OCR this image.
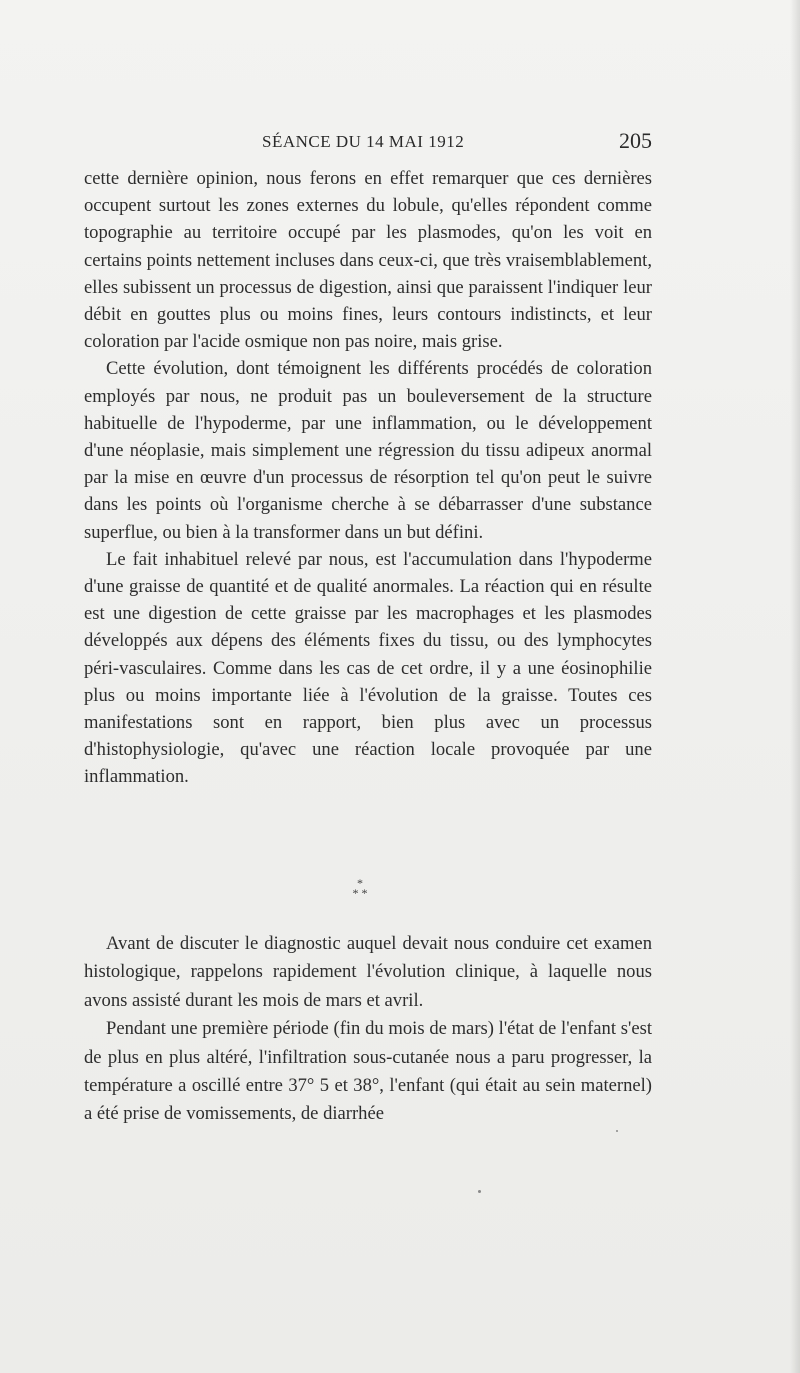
SÉANCE DU 14 MAI 1912	205

cette dernière opinion, nous ferons en effet remarquer que ces dernières occupent surtout les zones externes du lobule, qu'elles répondent comme topographie au territoire occupé par les plasmodes, qu'on les voit en certains points nettement incluses dans ceux-ci, que très vraisemblablement, elles subissent un processus de digestion, ainsi que paraissent l'indiquer leur débit en gouttes plus ou moins fines, leurs contours indistincts, et leur coloration par l'acide osmique non pas noire, mais grise.

Cette évolution, dont témoignent les différents procédés de coloration employés par nous, ne produit pas un bouleversement de la structure habituelle de l'hypoderme, par une inflammation, ou le développement d'une néoplasie, mais simplement une régression du tissu adipeux anormal par la mise en œuvre d'un processus de résorption tel qu'on peut le suivre dans les points où l'organisme cherche à se débarrasser d'une substance superflue, ou bien à la transformer dans un but défini.

Le fait inhabituel relevé par nous, est l'accumulation dans l'hypoderme d'une graisse de quantité et de qualité anormales. La réaction qui en résulte est une digestion de cette graisse par les macrophages et les plasmodes développés aux dépens des éléments fixes du tissu, ou des lymphocytes péri-vasculaires. Comme dans les cas de cet ordre, il y a une éosinophilie plus ou moins importante liée à l'évolution de la graisse. Toutes ces manifestations sont en rapport, bien plus avec un processus d'histophysiologie, qu'avec une réaction locale provoquée par une inflammation.

*
* *

Avant de discuter le diagnostic auquel devait nous conduire cet examen histologique, rappelons rapidement l'évolution clinique, à laquelle nous avons assisté durant les mois de mars et avril.

Pendant une première période (fin du mois de mars) l'état de l'enfant s'est de plus en plus altéré, l'infiltration sous-cutanée nous a paru progresser, la température a oscillé entre 37° 5 et 38°, l'enfant (qui était au sein maternel) a été prise de vomissements, de diarrhée
